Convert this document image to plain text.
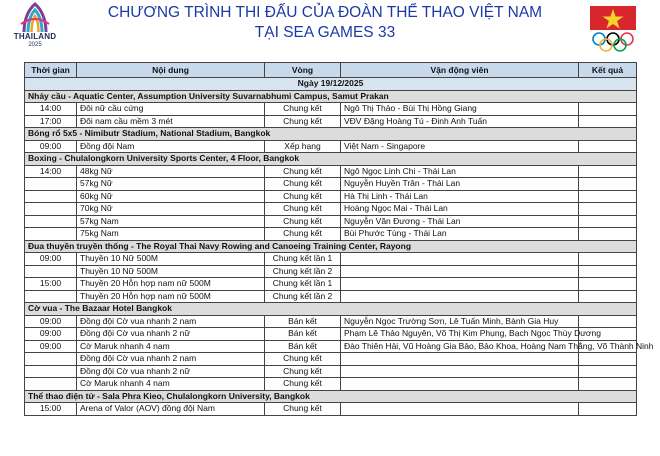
THAILAND
2025
CHƯƠNG TRÌNH THI ĐẤU CỦA ĐOÀN THỂ THAO VIỆT NAM
TẠI SEA GAMES 33
Thời gian	Nội dung	Vòng	Vận động viên	Kết quả
Ngày 19/12/2025				
Nhảy cầu - Aquatic Center, Assumption University Suvarnabhumi Campus, Samut Prakan				
14:00	Đôi nữ cầu cứng	Chung kết	Ngô Thị Thảo - Bùi Thị Hồng Giang	
17:00	Đôi nam cầu mềm 3 mét	Chung kết	VĐV Đặng Hoàng Tú - Đinh Anh Tuấn	
Bóng rổ 5x5 - Nimibutr Stadium, National Stadium, Bangkok				
09:00	Đồng đội Nam	Xếp hạng	Việt Nam - Singapore	
Boxing - Chulalongkorn University Sports Center, 4 Floor, Bangkok				
14:00	48kg Nữ	Chung kết	Ngô Ngọc Linh Chi - Thái Lan	
	57kg Nữ	Chung kết	Nguyễn Huyền Trân - Thái Lan	
	60kg Nữ	Chung kết	Hà Thị Linh - Thái Lan	
	70kg Nữ	Chung kết	Hoàng Ngọc Mai - Thái Lan	
	57kg Nam	Chung kết	Nguyễn Văn Đương - Thái Lan	
	75kg Nam	Chung kết	Bùi Phước Tùng - Thái Lan	
Đua thuyền truyền thống - The Royal Thai Navy Rowing and Canoeing Training Center, Rayong				
09:00	Thuyền 10 Nữ 500M	Chung kết lần 1		
	Thuyền 10 Nữ 500M	Chung kết lần 2		
15:00	Thuyền 20 Hỗn hợp nam nữ 500M	Chung kết lần 1		
	Thuyền 20 Hỗn hợp nam nữ 500M	Chung kết lần 2		
Cờ vua - The Bazaar Hotel Bangkok				
09:00	Đồng đội Cờ vua nhanh 2 nam	Bán kết	Nguyễn Ngọc Trường Sơn, Lê Tuấn Minh, Bành Gia Huy	
09:00	Đồng đội Cờ vua nhanh 2 nữ	Bán kết	Phạm Lê Thảo Nguyên, Võ Thị Kim Phụng, Bạch Ngọc Thùy Dương	
09:00	Cờ Maruk nhanh 4 nam	Bán kết	Đào Thiên Hải, Vũ Hoàng Gia Bảo, Bảo Khoa, Hoàng Nam Thắng, Võ Thành Ninh	
	Đồng đội Cờ vua nhanh 2 nam	Chung kết		
	Đồng đội Cờ vua nhanh 2 nữ	Chung kết		
	Cờ Maruk nhanh 4 nam	Chung kết		
Thể thao điện tử - Sala Phra Kieo, Chulalongkorn University, Bangkok				
15:00	Arena of Valor (AOV) đồng đội Nam	Chung kết		
